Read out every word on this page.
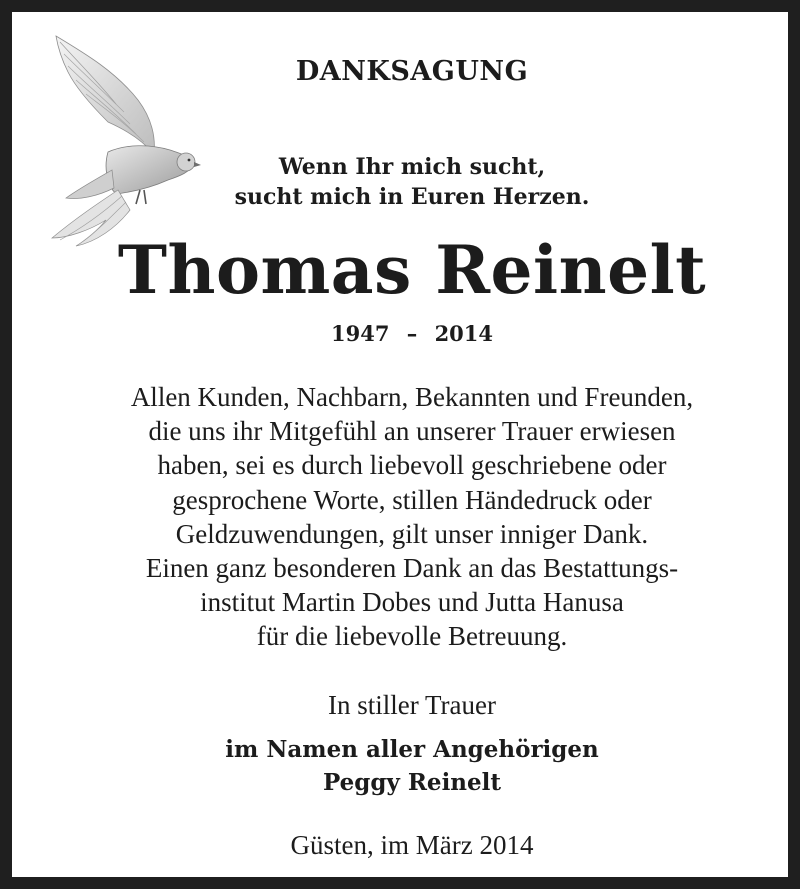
DANKSAGUNG
Wenn Ihr mich sucht,
sucht mich in Euren Herzen.
Thomas Reinelt
1947 – 2014
Allen Kunden, Nachbarn, Bekannten und Freunden,
die uns ihr Mitgefühl an unserer Trauer erwiesen
haben, sei es durch liebevoll geschriebene oder
gesprochene Worte, stillen Händedruck oder
Geldzuwendungen, gilt unser inniger Dank.
Einen ganz besonderen Dank an das Bestattungs-
institut Martin Dobes und Jutta Hanusa
für die liebevolle Betreuung.
In stiller Trauer
im Namen aller Angehörigen
Peggy Reinelt
Güsten, im März 2014
